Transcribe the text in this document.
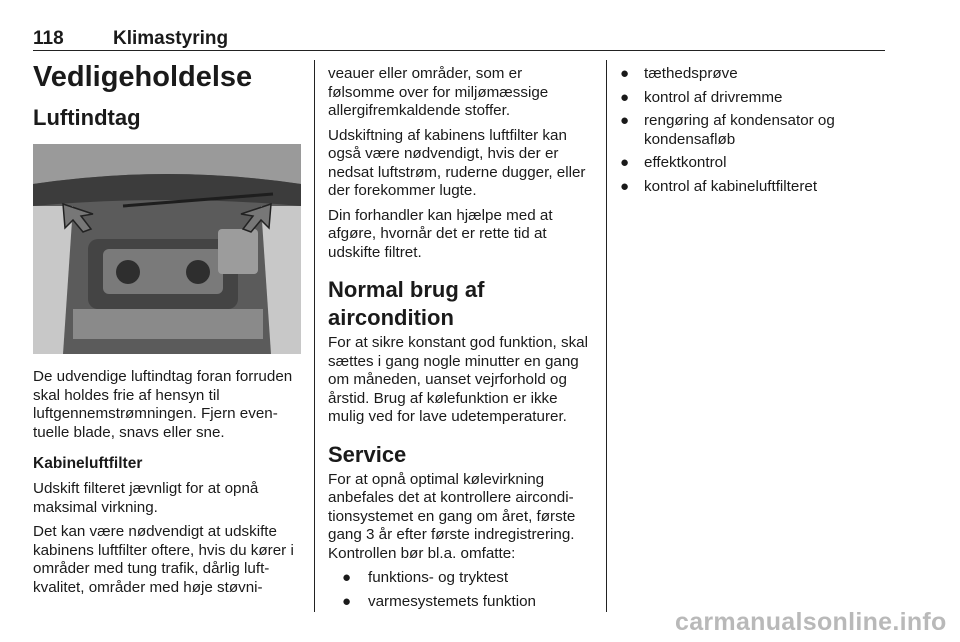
118	Klimastyring
Vedligeholdelse
Luftindtag

De udvendige luftindtag foran forruden skal holdes frie af hensyn til luftgennemstrømningen. Fjern eventuelle blade, snavs eller sne.

Kabineluftfilter

Udskift filteret jævnligt for at opnå maksimal virkning.

Det kan være nødvendigt at udskifte kabinens luftfilter oftere, hvis du kører i områder med tung trafik, dårlig luftkvalitet, områder med høje støvni-

veauer eller områder, som er følsomme over for miljømæssige allergifremkaldende stoffer.

Udskiftning af kabinens luftfilter kan også være nødvendigt, hvis der er nedsat luftstrøm, ruderne dugger, eller der forekommer lugte.

Din forhandler kan hjælpe med at afgøre, hvornår det er rette tid at udskifte filtret.

Normal brug af aircondition

For at sikre konstant god funktion, skal sættes i gang nogle minutter en gang om måneden, uanset vejrforhold og årstid. Brug af kølefunktion er ikke mulig ved for lave udetemperaturer.

Service

For at opnå optimal kølevirkning anbefales det at kontrollere airconditionsystemet en gang om året, første gang 3 år efter første indregistrering. Kontrollen bør bl.a. omfatte:

● funktions- og tryktest
● varmesystemets funktion
● tæthedsprøve
● kontrol af drivremme
● rengøring af kondensator og kondensafløb
● effektkontrol
● kontrol af kabineluftfilteret
carmanualsonline.info
